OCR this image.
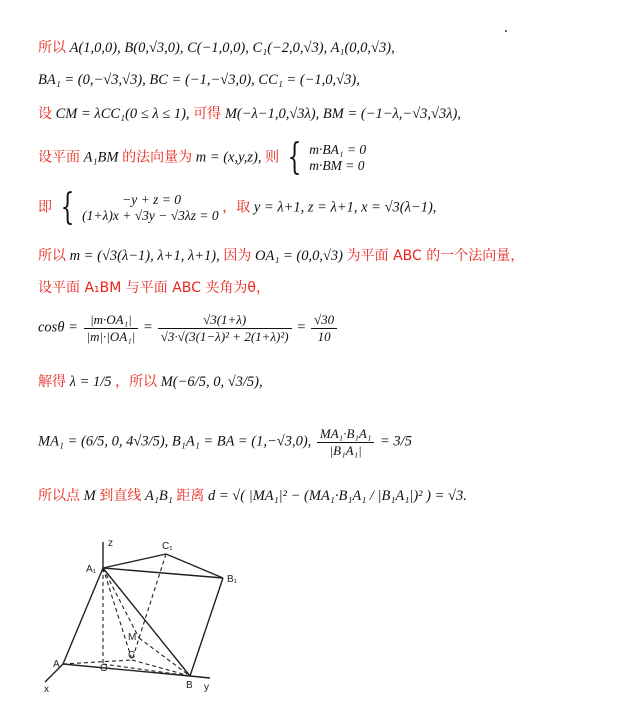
所以 A(1,0,0), B(0,√3,0), C(−1,0,0), C₁(−2,0,√3), A₁(0,0,√3),
BA₁ = (0,−√3,√3), BC = (−1,−√3,0), CC₁ = (−1,0,√3),
设 CM = λCC₁(0 ≤ λ ≤ 1), 可得 M(−λ−1,0,√3λ), BM = (−1−λ,−√3,√3λ),
设平面 A₁BM 的法向量为 m = (x,y,z), 则 { m·BA₁ = 0
m·BM = 0
即 {	−y + z = 0
(1+λ)x + √3y − √3λz = 0
，取 y = λ+1, z = λ+1, x = √3(λ−1),
所以 m = (√3(λ−1), λ+1, λ+1), 因为 OA₁ = (0,0,√3) 为平面 ABC 的一个法向量，
设平面 A₁BM 与平面 ABC 夹角为θ，
$\cos\theta = \frac{\text{|m·OA₁|}}{\text{|m|·|OA₁|}} = \frac{√3(1+\lambda)}{\text{√3·√(3(1−λ)² + 2(1+λ)²)}} = \frac{√30}{10}$
解得 λ = 1/5 ，所以 M(−6/5, 0, √3/5),
MA₁ = (6/5, 0, 4√3/5), B₁A₁ = BA = (1,−√3,0), $\frac{\text{MA₁·B₁A₁}}{\text{|B₁A₁|}} = 3/5$
所以点 M 到直线 A₁B₁ 距离 d = √( |MA₁|² − (MA₁·B₁A₁ / |B₁A₁|)² ) = √3.
z	C₁
A₁
B₁
M
C
O
A
B
x	y
